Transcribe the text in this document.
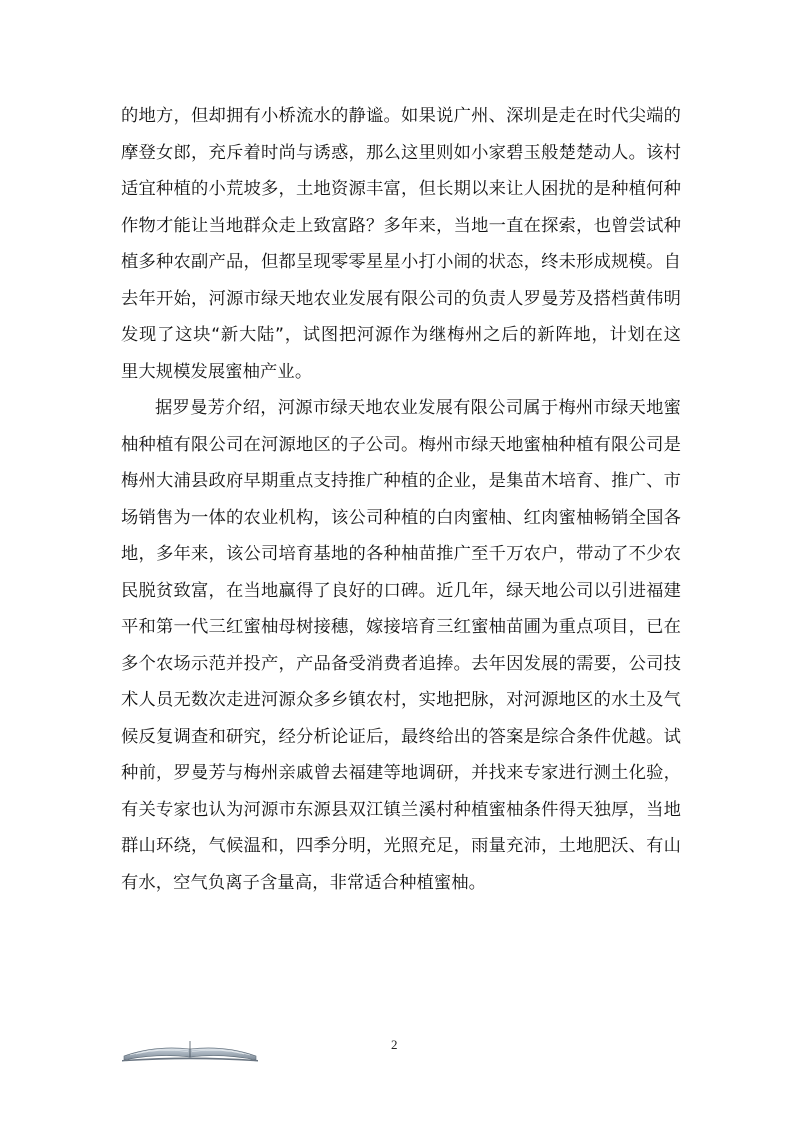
的地方，但却拥有小桥流水的静谧。如果说广州、深圳是走在时代尖端的
摩登女郎，充斥着时尚与诱惑，那么这里则如小家碧玉般楚楚动人。该村
适宜种植的小荒坡多，土地资源丰富，但长期以来让人困扰的是种植何种
作物才能让当地群众走上致富路？多年来，当地一直在探索，也曾尝试种
植多种农副产品，但都呈现零零星星小打小闹的状态，终未形成规模。自
去年开始，河源市绿天地农业发展有限公司的负责人罗曼芳及搭档黄伟明
发现了这块“新大陆”，试图把河源作为继梅州之后的新阵地，计划在这
里大规模发展蜜柚产业。
据罗曼芳介绍，河源市绿天地农业发展有限公司属于梅州市绿天地蜜
柚种植有限公司在河源地区的子公司。梅州市绿天地蜜柚种植有限公司是
梅州大浦县政府早期重点支持推广种植的企业，是集苗木培育、推广、市
场销售为一体的农业机构，该公司种植的白肉蜜柚、红肉蜜柚畅销全国各
地，多年来，该公司培育基地的各种柚苗推广至千万农户，带动了不少农
民脱贫致富，在当地赢得了良好的口碑。近几年，绿天地公司以引进福建
平和第一代三红蜜柚母树接穗，嫁接培育三红蜜柚苗圃为重点项目，已在
多个农场示范并投产，产品备受消费者追捧。去年因发展的需要，公司技
术人员无数次走进河源众多乡镇农村，实地把脉，对河源地区的水土及气
候反复调查和研究，经分析论证后，最终给出的答案是综合条件优越。试
种前，罗曼芳与梅州亲戚曾去福建等地调研，并找来专家进行测土化验，
有关专家也认为河源市东源县双江镇兰溪村种植蜜柚条件得天独厚，当地
群山环绕，气候温和，四季分明，光照充足，雨量充沛，土地肥沃、有山
有水，空气负离子含量高，非常适合种植蜜柚。
2
